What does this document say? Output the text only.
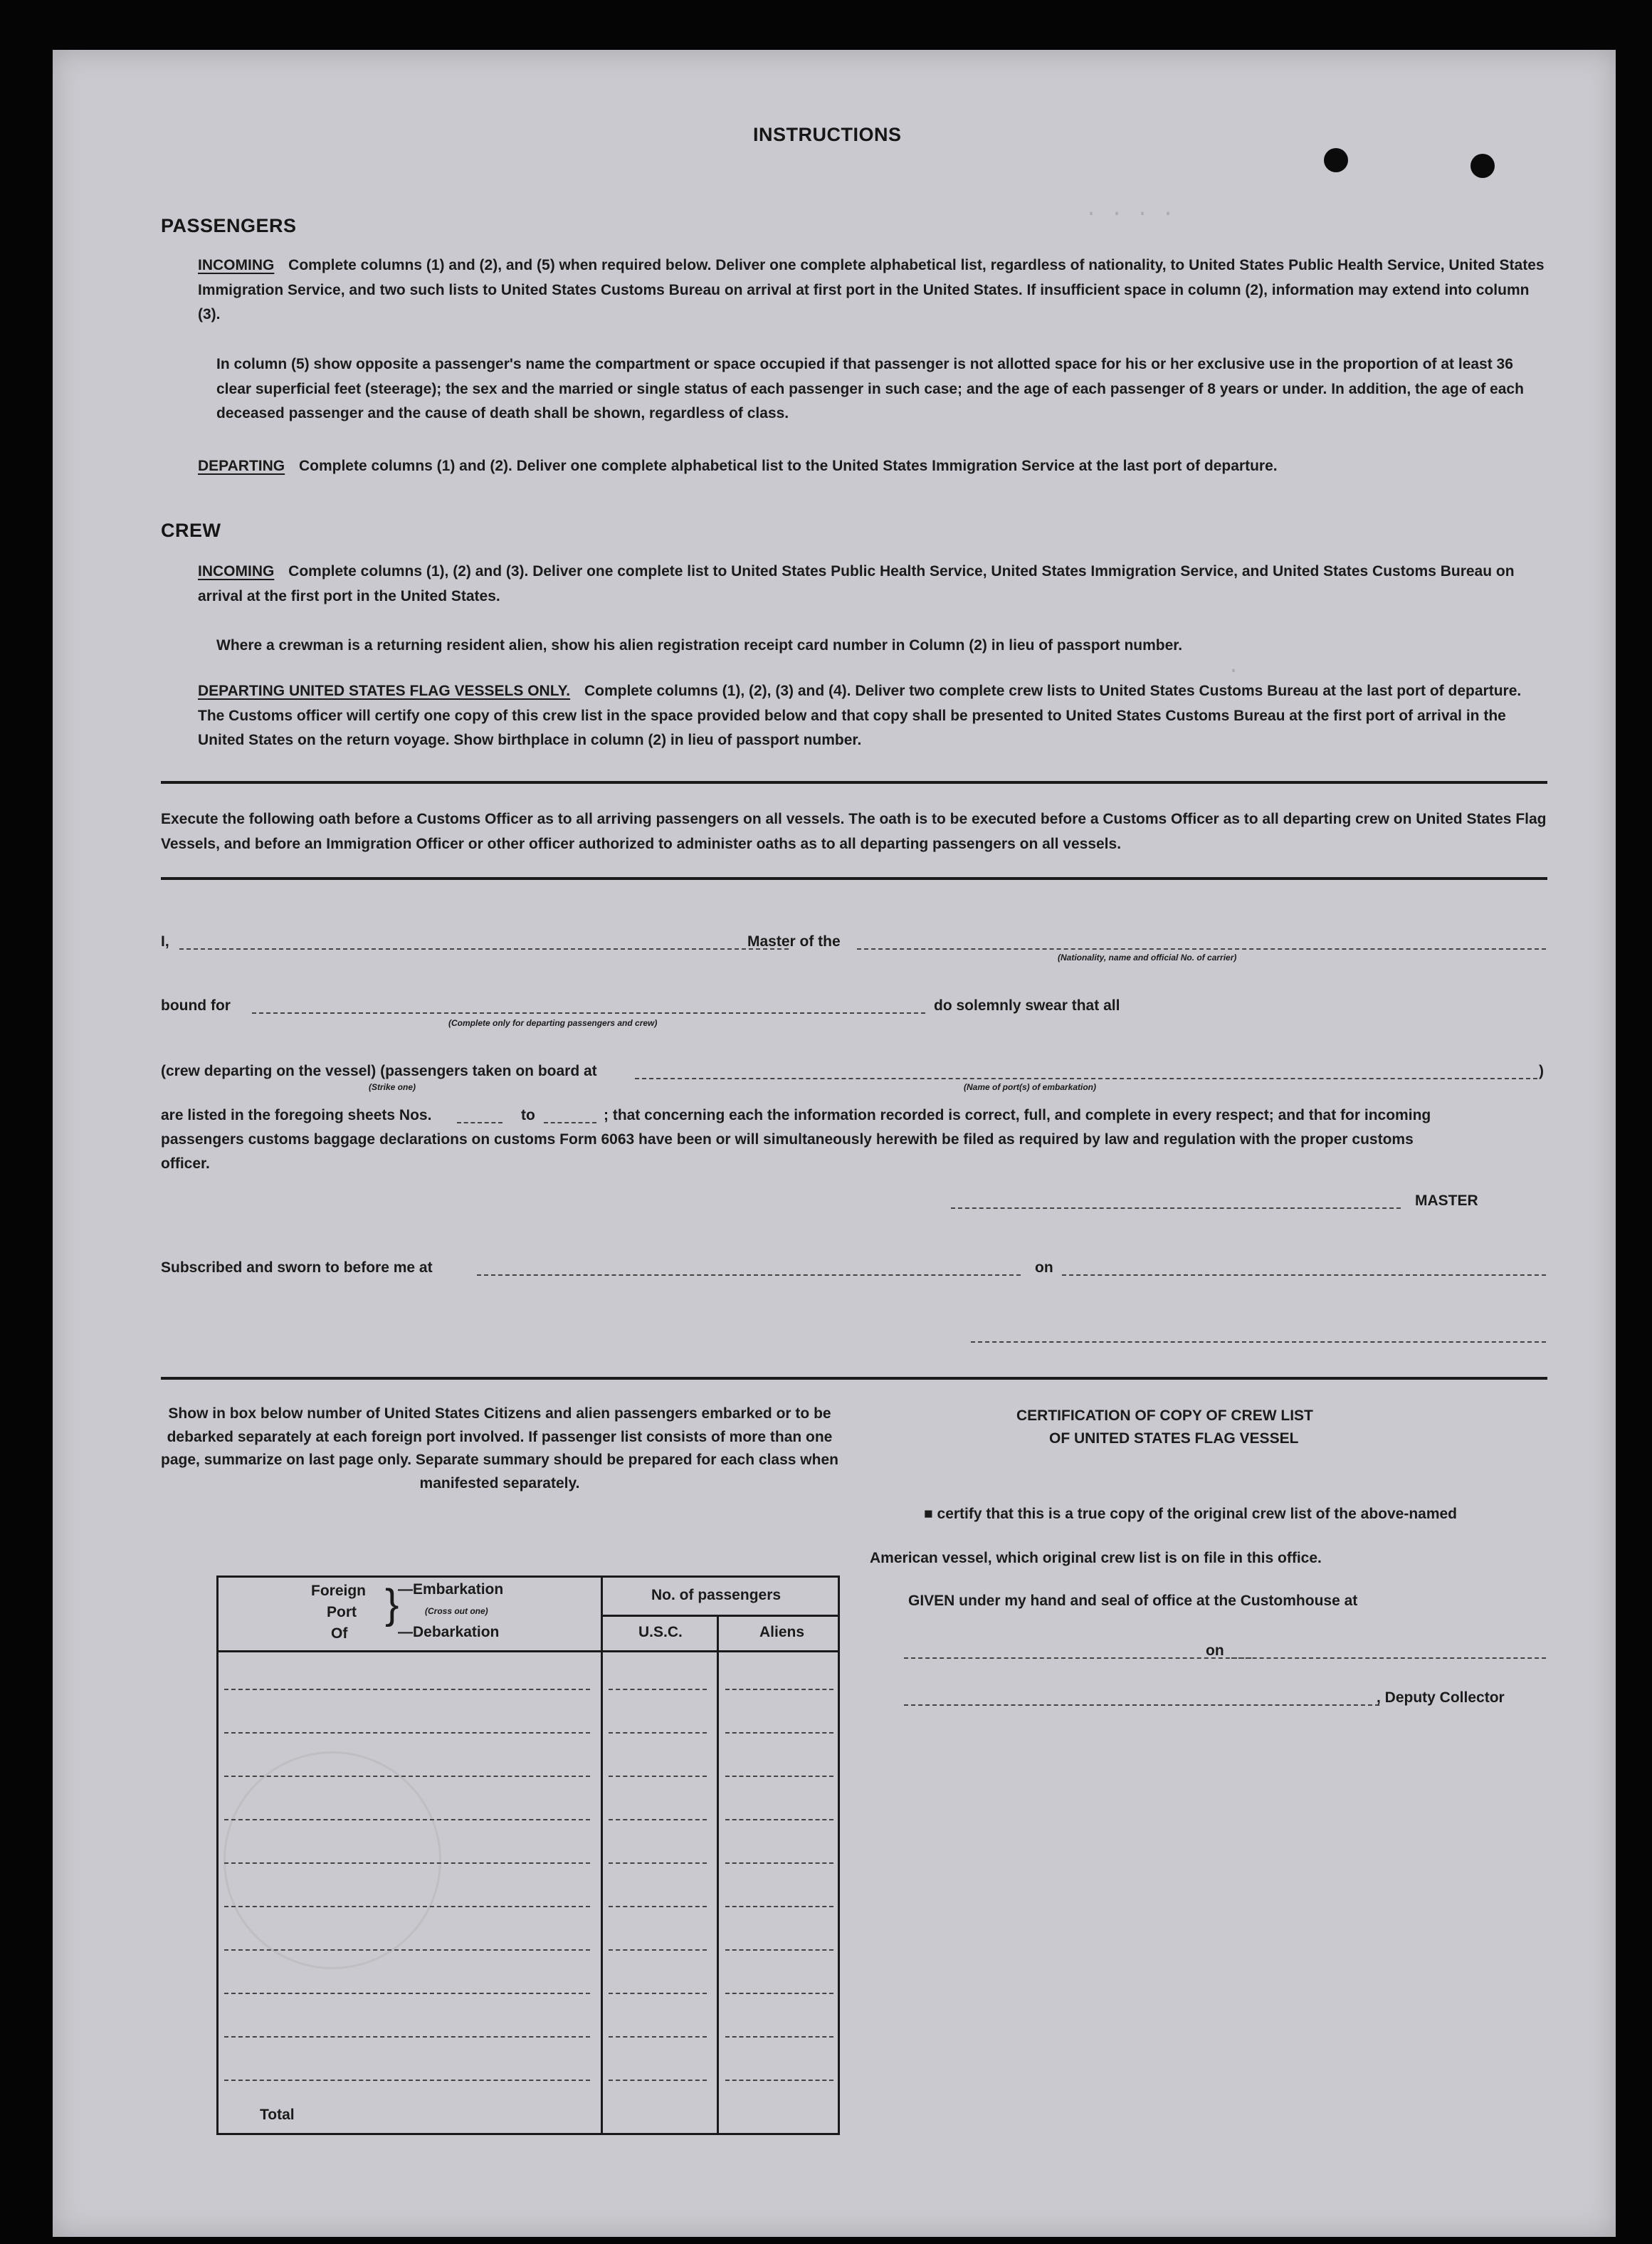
. . . .
.
INSTRUCTIONS
PASSENGERS
INCOMING Complete columns (1) and (2), and (5) when required below. Deliver one complete alphabetical list, regardless of nationality, to United States Public Health Service, United States Immigration Service, and two such lists to United States Customs Bureau on arrival at first port in the United States. If insufficient space in column (2), information may extend into column (3).
In column (5) show opposite a passenger's name the compartment or space occupied if that passenger is not allotted space for his or her exclusive use in the proportion of at least 36 clear superficial feet (steerage); the sex and the married or single status of each passenger in such case; and the age of each passenger of 8 years or under. In addition, the age of each deceased passenger and the cause of death shall be shown, regardless of class.
DEPARTING Complete columns (1) and (2). Deliver one complete alphabetical list to the United States Immigration Service at the last port of departure.
CREW
INCOMING Complete columns (1), (2) and (3). Deliver one complete list to United States Public Health Service, United States Immigration Service, and United States Customs Bureau on arrival at the first port in the United States.
Where a crewman is a returning resident alien, show his alien registration receipt card number in Column (2) in lieu of passport number.
DEPARTING UNITED STATES FLAG VESSELS ONLY. Complete columns (1), (2), (3) and (4). Deliver two complete crew lists to United States Customs Bureau at the last port of departure. The Customs officer will certify one copy of this crew list in the space provided below and that copy shall be presented to United States Customs Bureau at the first port of arrival in the United States on the return voyage. Show birthplace in column (2) in lieu of passport number.
Execute the following oath before a Customs Officer as to all arriving passengers on all vessels. The oath is to be executed before a Customs Officer as to all departing crew on United States Flag Vessels, and before an Immigration Officer or other officer authorized to administer oaths as to all departing passengers on all vessels.
I,	Master of the
(Nationality, name and official No. of carrier)
bound for
(Complete only for departing passengers and crew)
do solemnly swear that all
(crew departing on the vessel) (passengers taken on board at	)
(Strike one)	(Name of port(s) of embarkation)
are listed in the foregoing sheets Nos.	to	; that concerning each the information recorded is correct, full, and complete in every respect; and that for incoming
passengers customs baggage declarations on customs Form 6063 have been or will simultaneously herewith be filed as required by law and regulation with the proper customs
officer.
MASTER
Subscribed and sworn to before me at	on
Show in box below number of United States Citizens and alien passengers embarked or to be debarked separately at each foreign port involved. If passenger list consists of more than one page, summarize on last page only. Separate summary should be prepared for each class when manifested separately.
Foreign
Port
Of
}
—Embarkation
(Cross out one)
—Debarkation
No. of passengers
U.S.C.	Aliens
Total
CERTIFICATION OF COPY OF CREW LIST
OF UNITED STATES FLAG VESSEL
■ certify that this is a true copy of the original crew list of the above-named
American vessel, which original crew list is on file in this office.
GIVEN under my hand and seal of office at the Customhouse at
on
, Deputy Collector
